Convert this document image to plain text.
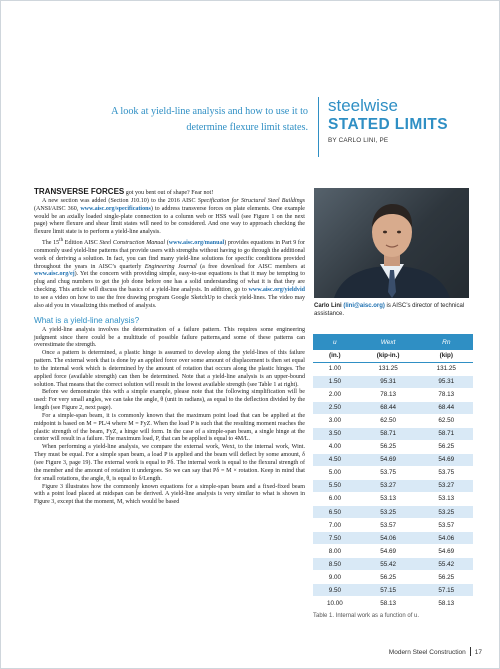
A look at yield-line analysis and how to use it to determine flexure limit states.
steelwise
STATED LIMITS
BY CARLO LINI, PE

TRANSVERSE FORCES got you bent out of shape? Fear not!

A new section was added (Section J10.10) to the 2016 AISC Specification for Structural Steel Buildings (ANSI/AISC 360, www.aisc.org/specifications) to address transverse forces on plate elements. One example would be an axially loaded single-plate connection to a column web or HSS wall (see Figure 1 on the next page) where flexure and shear limit states will need to be considered. And one way to approach checking the flexure limit state is to perform a yield-line analysis.

The 15th Edition AISC Steel Construction Manual (www.aisc.org/manual) provides equations in Part 9 for commonly used yield-line patterns that provide users with strengths without having to go through the additional work of deriving a solution. In fact, you can find many yield-line solutions for specific conditions provided throughout the years in AISC’s quarterly Engineering Journal (a free download for AISC members at www.aisc.org/ej). Yet the concern with providing simple, easy-to-use equations is that it may be tempting to plug and chug numbers to get the job done before one has a solid understanding of what it is that they are checking. This article will discuss the basics of a yield-line analysis. In addition, go to www.aisc.org/yieldvid to see a video on how to use the free drawing program Google SketchUp to check yield-lines. The video may also aid you in visualizing this method of analysis.

What is a yield-line analysis?

A yield-line analysis involves the determination of a failure pattern. This requires some engineering judgment since there could be a multitude of possible failure patterns,and some of these patterns can overestimate the strength.

Once a pattern is determined, a plastic hinge is assumed to develop along the yield-lines of this failure pattern. The external work that is done by an applied force over some amount of displacement is then set equal to the internal work which is determined by the amount of rotation that occurs along the plastic hinges. The applied force (available strength) can then be determined. Note that a yield-line analysis is an upper-bound solution. That means that the correct solution will result in the lowest available strength (see Table 1 at right).

Before we demonstrate this with a simple example, please note that the following simplification will be used: For very small angles, we can take the angle, θ (unit in radians), as equal to the deflection divided by the length (see Figure 2, next page).

For a simple-span beam, it is commonly known that the maximum point load that can be applied at the midpoint is based on M = PL/4 where M = FyZ. When the load P is such that the resulting moment reaches the plastic strength of the beam, FyZ, a hinge will form. In the case of a simple-span beam, a single hinge at the center will result in a failure. The maximum load, P, that can be applied is equal to 4M/L.

When performing a yield-line analysis, we compare the external work, Wext, to the internal work, Wint. They must be equal. For a simple span beam, a load P is applied and the beam will deflect by some amount, δ (see Figure 3, page 19). The external work is equal to Pδ. The internal work is equal to the flexural strength of the member and the amount of rotation it undergoes. So we can say that Pδ = M × rotation. Keep in mind that for small rotations, the angle, θ, is equal to δ/Length.

Figure 3 illustrates how the commonly known equations for a simple-span beam and a fixed-fixed beam with a point load placed at midspan can be derived. A yield-line analysis is very similar to what is shown in Figure 3, except that the moment, M, which would be based

Carlo Lini (lini@aisc.org) is AISC’s director of technical assistance.
u	Wext	Rn
(in.)	(kip-in.)	(kip)
1.00	131.25	131.25
1.50	95.31	95.31
2.00	78.13	78.13
2.50	68.44	68.44
3.00	62.50	62.50
3.50	58.71	58.71
4.00	56.25	56.25
4.50	54.69	54.69
5.00	53.75	53.75
5.50	53.27	53.27
6.00	53.13	53.13
6.50	53.25	53.25
7.00	53.57	53.57
7.50	54.06	54.06
8.00	54.69	54.69
8.50	55.42	55.42
9.00	56.25	56.25
9.50	57.15	57.15
10.00	58.13	58.13
Table 1. Internal work as a function of u.
Modern Steel Construction 17
